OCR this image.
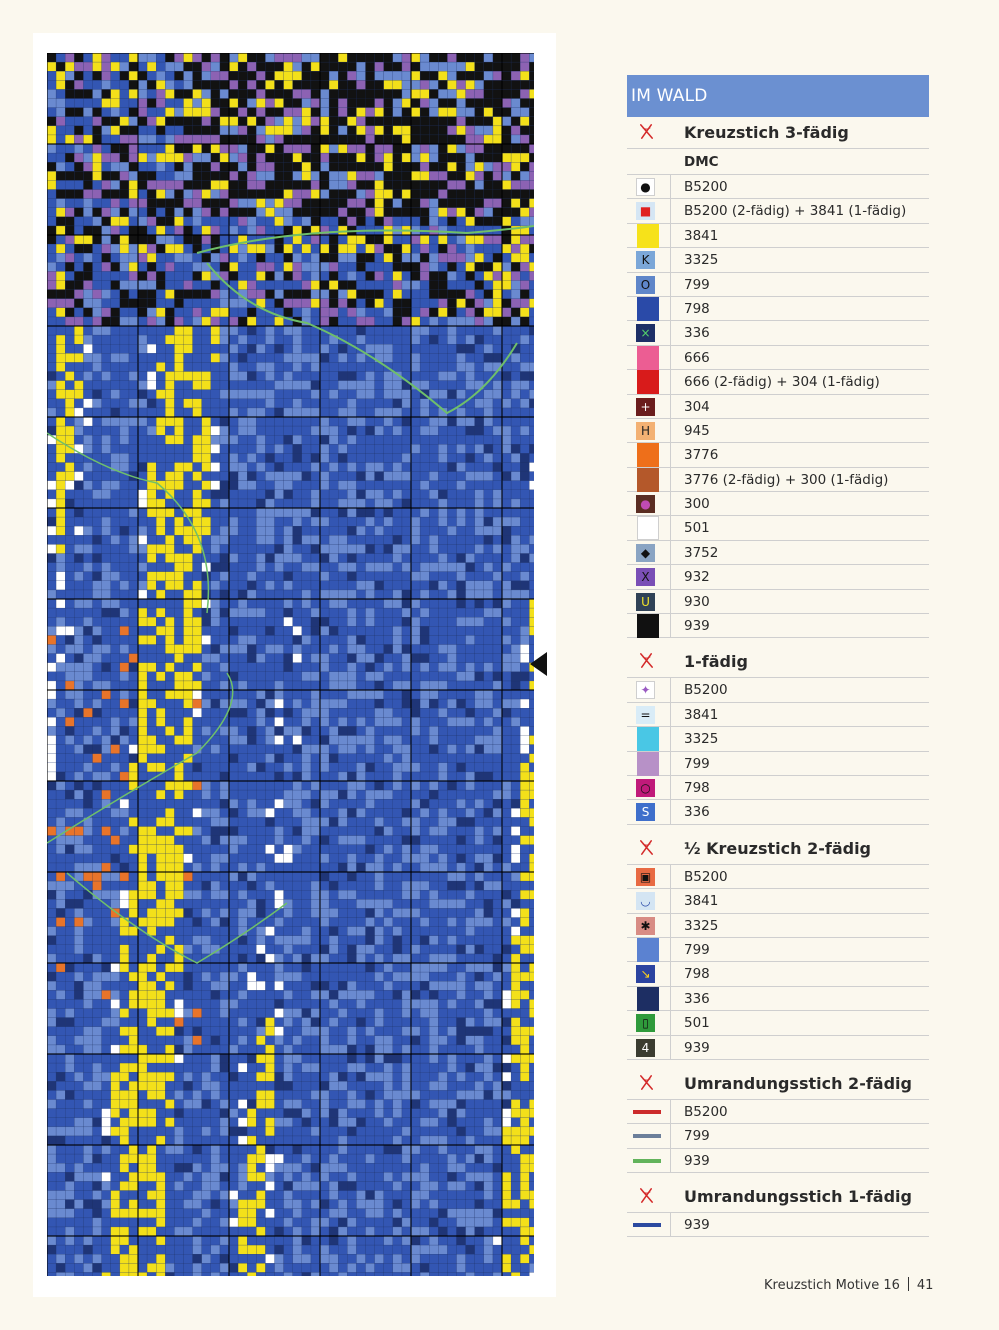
IM WALD
Kreuzstich 3-fädig
DMC
●	B5200
■ B5200 (2-fädig) + 3841 (1-fädig)
3841
K	3325
O	799
798
×	336
666
666 (2-fädig) + 304 (1-fädig)
+	304
H	945
3776
3776 (2-fädig) + 300 (1-fädig)
●	300
501
◆	3752
X	932
U	930
939
1-fädig
✦	B5200
=	3841
3325
799
○	798
S	336
½ Kreuzstich 2-fädig
▣ B5200
◡	3841
✱	3325
799
↘	798
336
▯	501
4	939
Umrandungsstich 2-fädig
B5200
799
939
Umrandungsstich 1-fädig
939
Kreuzstich Motive 16 41
